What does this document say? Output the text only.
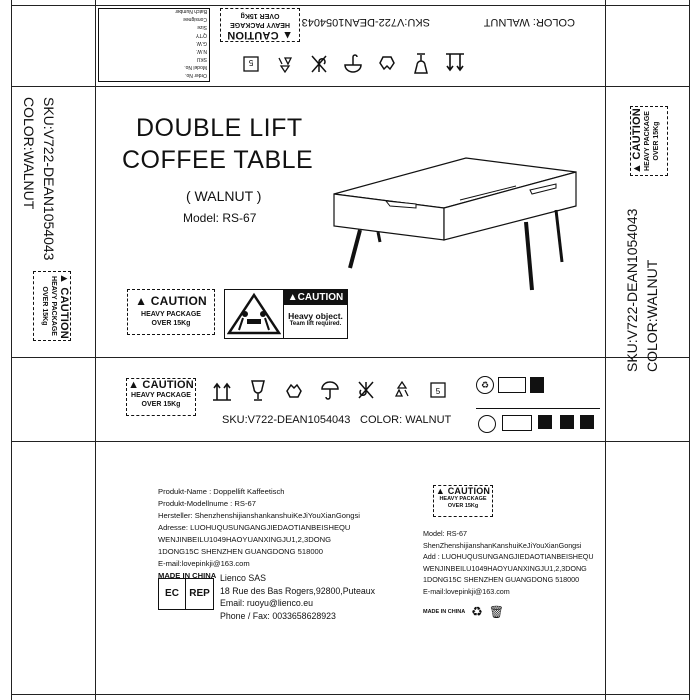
5
COLOR: WALNUT
SKU:V722-DEAN1054043
▲ CAUTION
HEAVY PACKAGE
OVER 15Kg
Order No.
Model No.
SKU
N.W.
G.W.
Q'TY
Size
Consignee
Batch Number
SKU:V722-DEAN1054043
COLOR:WALNUT
▲ CAUTION
HEAVY PACKAGE
OVER 15Kg
DOUBLE LIFT
COFFEE TABLE
( WALNUT )
Model: RS-67
▲ CAUTION
HEAVY PACKAGE
OVER 15Kg
▲CAUTION
Heavy object.
Team lift required.
▲ CAUTION HEAVY PACKAGE OVER 15Kg
SKU:V722-DEAN1054043 COLOR:WALNUT
▲ CAUTION
HEAVY PACKAGE
OVER 15Kg
5
SKU:V722-DEAN1054043 COLOR: WALNUT
♻
Produkt-Name : Doppellift Kaffeetisch
Produkt-Modellnume : RS-67
Hersteller: ShenzhenshijianshankanshuiKeJiYouXianGongsi
Adresse: LUOHUQUSUNGANGJIEDAOTIANBEISHEQU
WENJINBEILU1049HAOYUANXINGJU1,2,3DONG
1DONG15C SHENZHEN GUANGDONG 518000
E-mail:lovepinkji@163.com
MADE IN CHINA
EC	REP
Lienco SAS
18 Rue des Bas Rogers,92800,Puteaux
Email: ruoyu@lienco.eu
Phone / Fax: 0033658628923
▲ CAUTION
HEAVY PACKAGE
OVER 15Kg
Model: RS-67
ShenZhenshijianshanKanshuiKeJiYouXianGongsi
Add : LUOHUQUSUNGANGJIEDAOTIANBEISHEQU
WENJINBEILU1049HAOYUANXINGJU1,2,3DONG
1DONG15C SHENZHEN GUANGDONG 518000
E-mail:lovepinkji@163.com
MADE IN CHINA ♻ 🗑
